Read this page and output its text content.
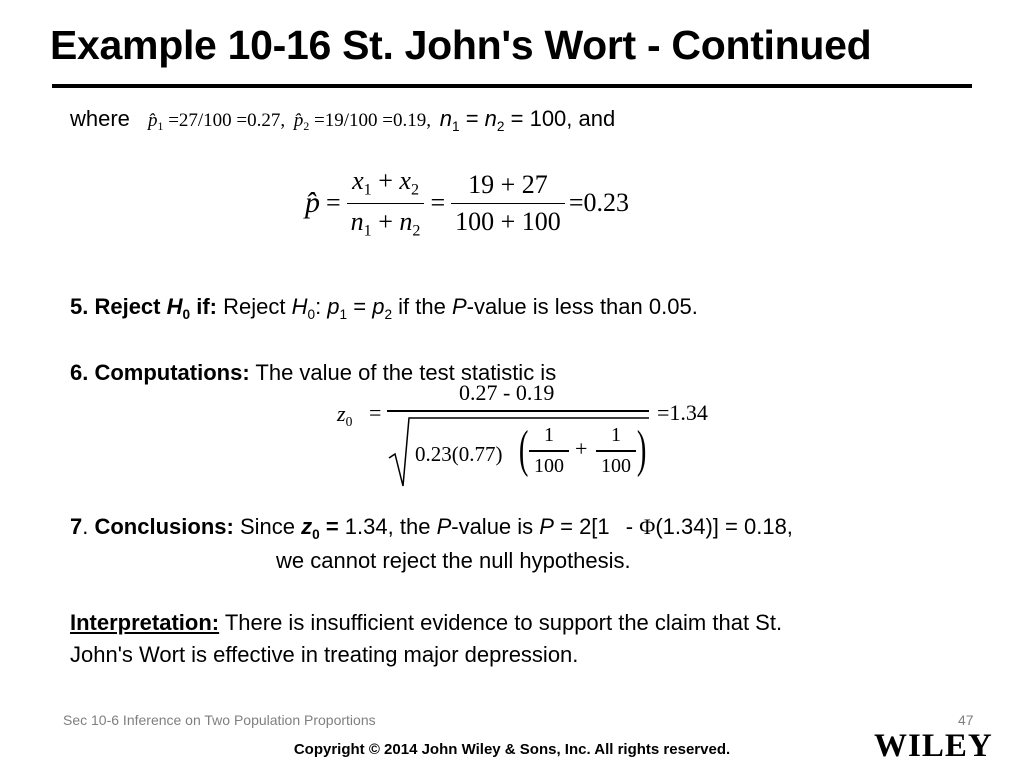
Example 10-16 St. John's Wort - Continued
where $p̂_1 =27/100 =0.27$, $p̂_2 =19/100 =0.19$, $n_1 = n_2 = 100$, and
p̂ = $\frac{x_1 + x_2}{n_1 + n_2} = \frac{19 + 27}{100 + 100} =0.23$
5. Reject $H_0$ if: Reject $H_0$: $p_1 = p_2$ if the P-value is less than 0.05.
6. Computations: The value of the test statistic is
$z_0$ =
0.27 - 0.19
0.23(0.77) ( 1
100
+
1
100 )
=1.34
7. Conclusions: Since $z_0 = 1.34$, the P-value is P = 2[1 - Φ(1.34)] = 0.18,
we cannot reject the null hypothesis.
Interpretation: There is insufficient evidence to support the claim that St.
John's Wort is effective in treating major depression.
Sec 10-6 Inference on Two Population Proportions	47
Copyright © 2014 John Wiley & Sons, Inc. All rights reserved.	WILEY
